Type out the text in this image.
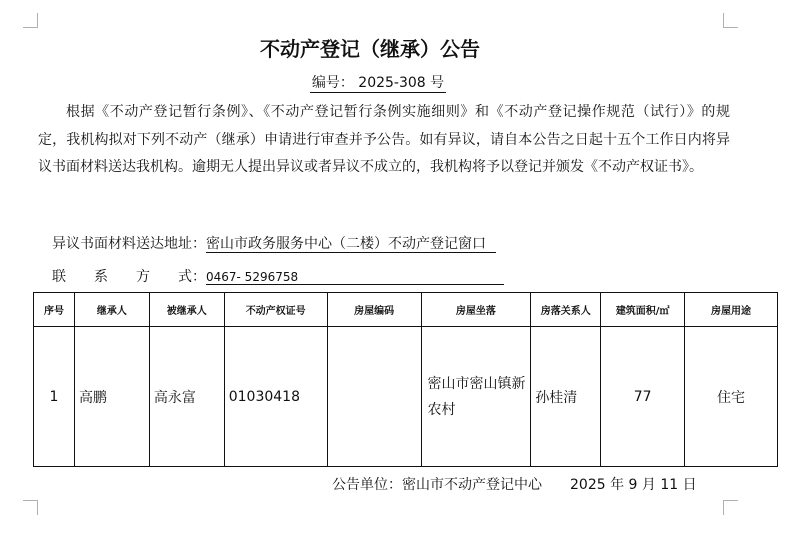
不动产登记（继承）公告
编号： 2025-308 号

根据《不动产登记暂行条例》、《不动产登记暂行条例实施细则》和《不动产登记操作规范（试行）》的规定，我机构拟对下列不动产（继承）申请进行审查并予公告。如有异议，请自本公告之日起十五个工作日内将异议书面材料送达我机构。逾期无人提出异议或者异议不成立的，我机构将予以登记并颁发《不动产权证书》。

异议书面材料送达地址：密山市政务服务中心（二楼）不动产登记窗口
联　　系　　方　　式：0467- 5296758
序号	继承人	被继承人	不动产权证号	房屋编码	房屋坐落	房落关系人	建筑面积/㎡	房屋用途
1	高鹏	高永富	01030418		密山市密山镇新农村	孙桂清	77	住宅
公告单位：密山市不动产登记中心 2025 年 9 月 11 日
